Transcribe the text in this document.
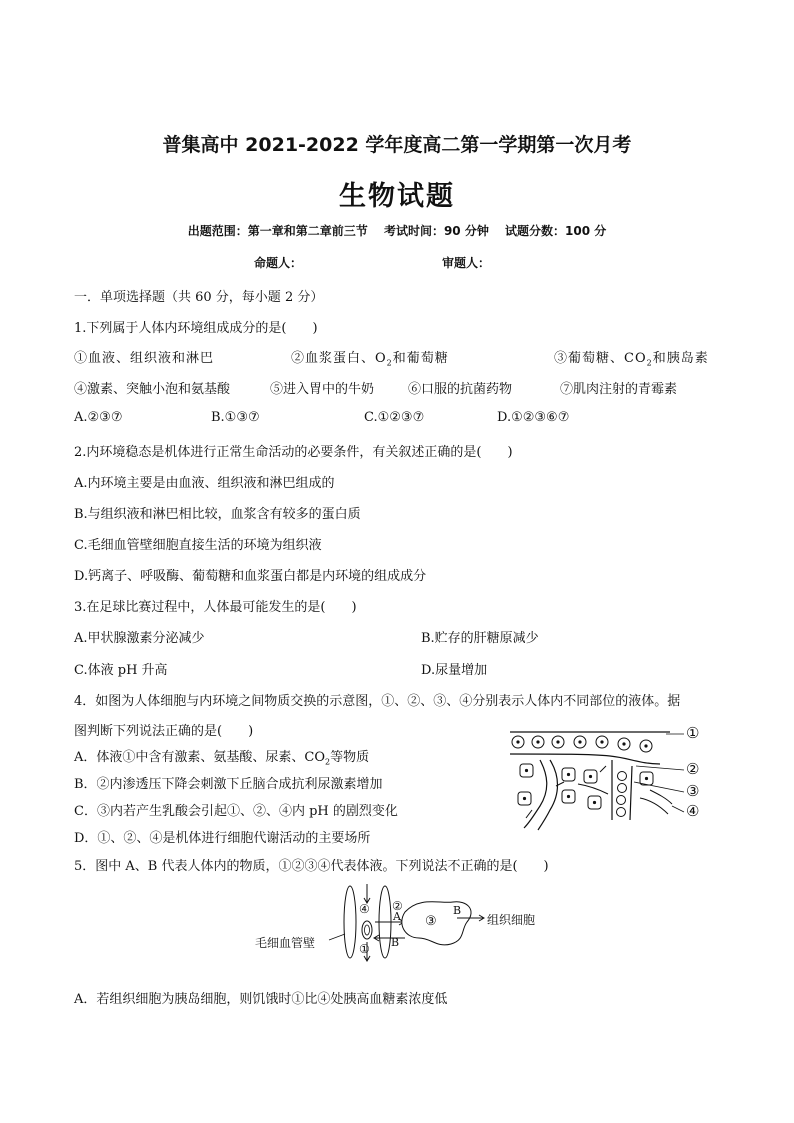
普集高中 2021-2022 学年度高二第一学期第一次月考
生物试题
出题范围：第一章和第二章前三节 考试时间：90 分钟 试题分数：100 分
命题人：	审题人：
一．单项选择题（共 60 分，每小题 2 分）
1.下列属于人体内环境组成成分的是(　　)
①血液、组织液和淋巴	②血浆蛋白、$O_2$和葡萄糖	③葡萄糖、$CO_2$和胰岛素
④激素、突触小泡和氨基酸	⑤进入胃中的牛奶	⑥口服的抗菌药物	⑦肌肉注射的青霉素
A.②③⑦	B.①③⑦	C.①②③⑦	D.①②③⑥⑦
2.内环境稳态是机体进行正常生命活动的必要条件，有关叙述正确的是(　　)
A.内环境主要是由血液、组织液和淋巴组成的
B.与组织液和淋巴相比较，血浆含有较多的蛋白质
C.毛细血管壁细胞直接生活的环境为组织液
D.钙离子、呼吸酶、葡萄糖和血浆蛋白都是内环境的组成成分
3.在足球比赛过程中，人体最可能发生的是(　　)
A.甲状腺激素分泌减少	B.贮存的肝糖原减少
C.体液 pH 升高	D.尿量增加
4．如图为人体细胞与内环境之间物质交换的示意图，①、②、③、④分别表示人体内不同部位的液体。据
图判断下列说法正确的是(　　)
A．体液①中含有激素、氨基酸、尿素、$CO_2$等物质
B．②内渗透压下降会刺激下丘脑合成抗利尿激素增加
C．③内若产生乳酸会引起①、②、④内 pH 的剧烈变化
D．①、②、④是机体进行细胞代谢活动的主要场所
①
②
③
④
5．图中 A、B 代表人体内的物质，①②③④代表体液。下列说法不正确的是(　　)
④ ②
③
①
A
B
B
毛细血管壁
组织细胞
A．若组织细胞为胰岛细胞，则饥饿时①比④处胰高血糖素浓度低
